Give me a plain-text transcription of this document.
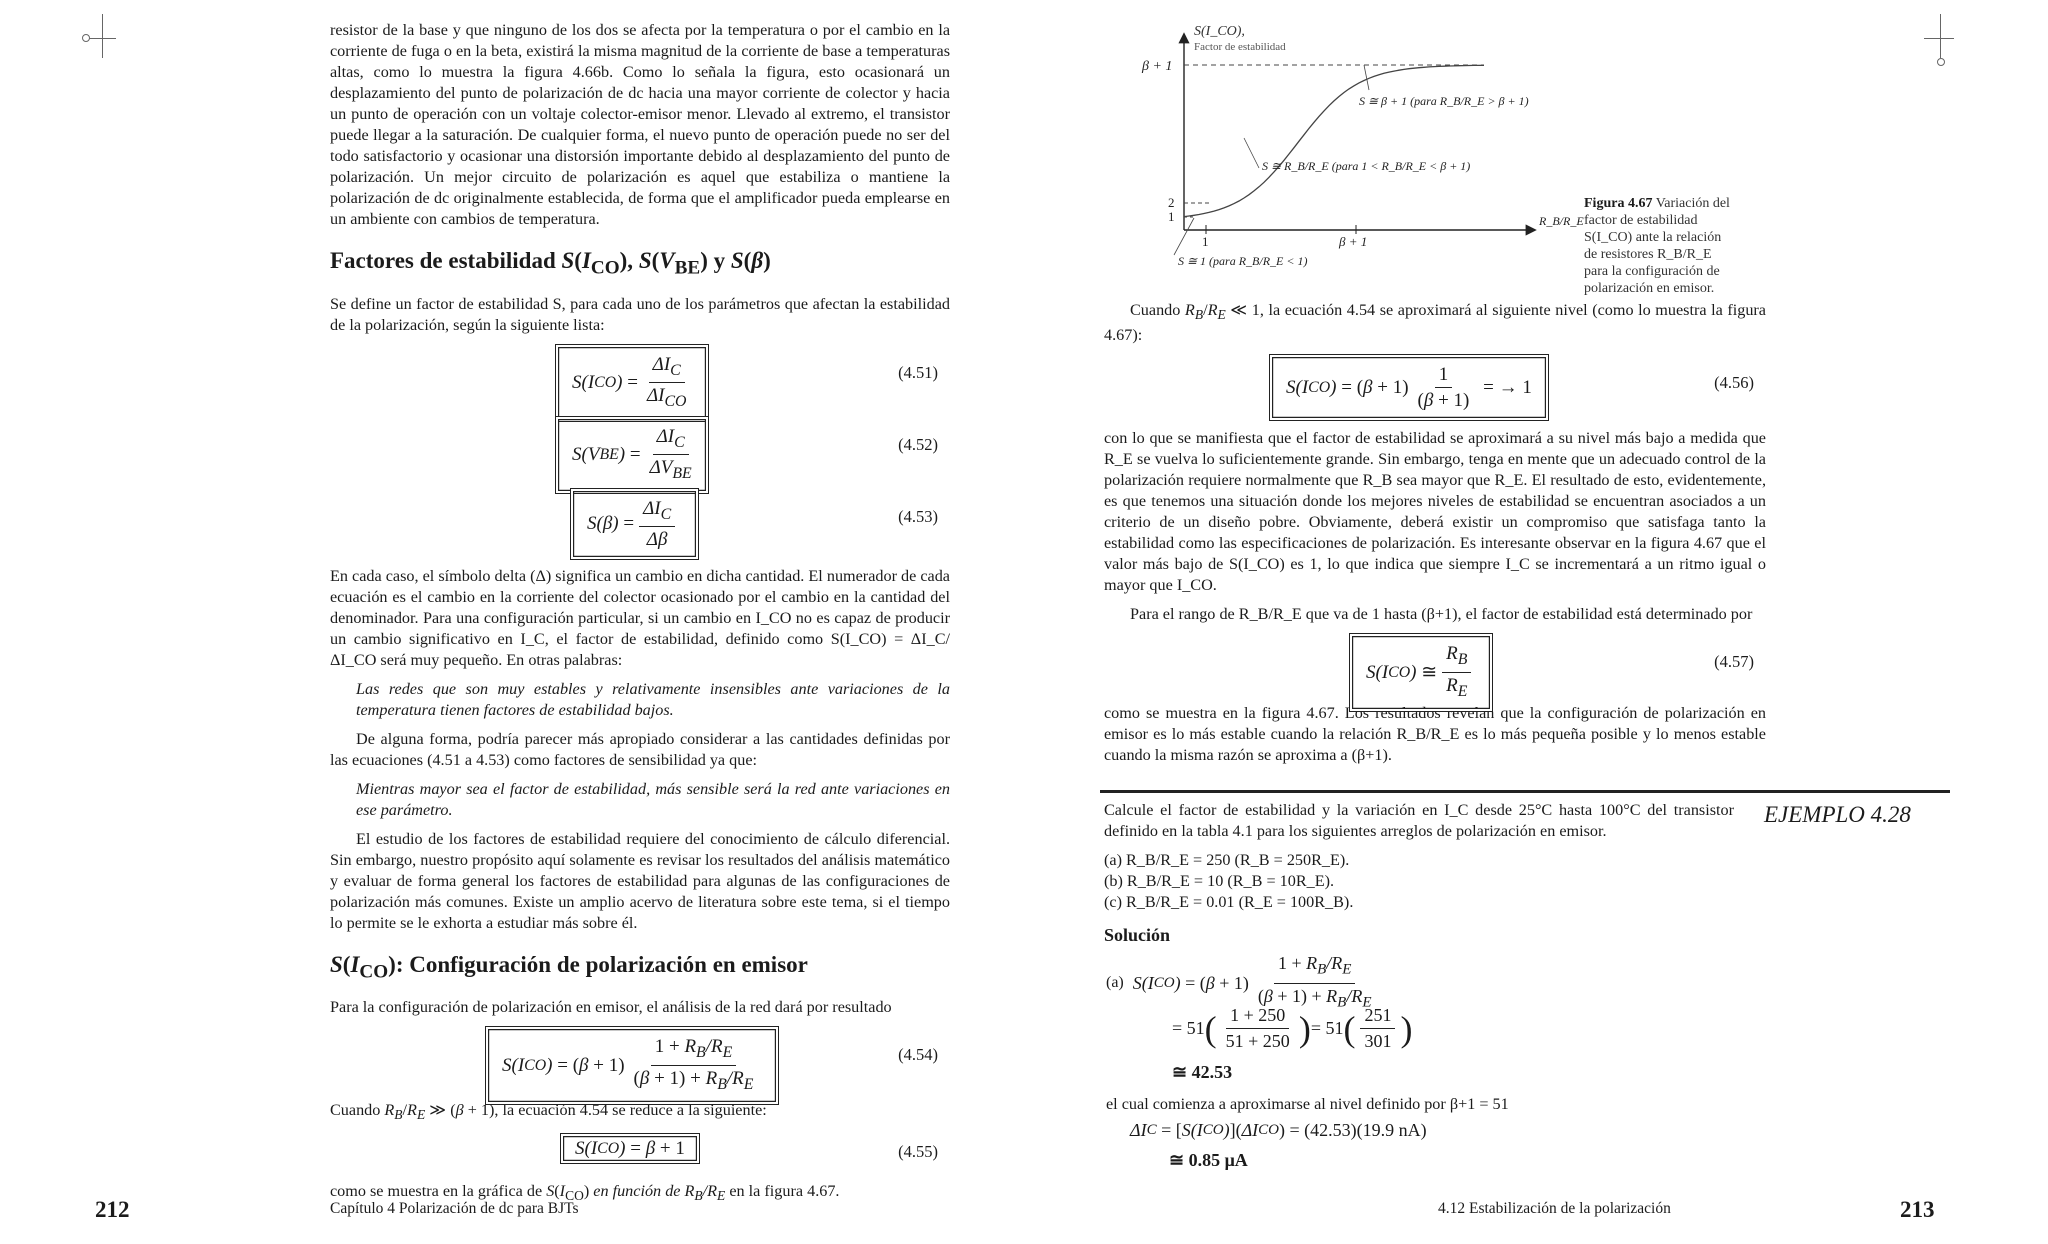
resistor de la base y que ninguno de los dos se afecta por la temperatura o por el cambio en la corriente de fuga o en la beta, existirá la misma magnitud de la corriente de base a temperaturas altas, como lo muestra la figura 4.66b. Como lo señala la figura, esto ocasionará un desplazamiento del punto de polarización de dc hacia una mayor corriente de colector y hacia un punto de operación con un voltaje colector-emisor menor. Llevado al extremo, el transistor puede llegar a la saturación. De cualquier forma, el nuevo punto de operación puede no ser del todo satisfactorio y ocasionar una distorsión importante debido al desplazamiento del punto de polarización. Un mejor circuito de polarización es aquel que estabiliza o mantiene la polarización de dc originalmente establecida, de forma que el amplificador pueda emplearse en un ambiente con cambios de temperatura.

Factores de estabilidad $S(I_{CO})$, $S(V_{BE})$ y S(β)

Se define un factor de estabilidad S, para cada uno de los parámetros que afectan la estabilidad de la polarización, según la siguiente lista:

S(I CO ) = $\frac{\Delta I_C}{\Delta I_{CO}}$	(4.51)
S(V BE ) = $\frac{\Delta I_C}{\Delta V_{BE}}$	(4.52)
$S(\beta) = \frac{\Delta I_C}{\Delta\beta}$	(4.53)

En cada caso, el símbolo delta (Δ) significa un cambio en dicha cantidad. El numerador de cada ecuación es el cambio en la corriente del colector ocasionado por el cambio en la cantidad del denominador. Para una configuración particular, si un cambio en I_CO no es capaz de producir un cambio significativo en I_C, el factor de estabilidad, definido como S(I_CO) = ΔI_C/ΔI_CO será muy pequeño. En otras palabras:

Las redes que son muy estables y relativamente insensibles ante variaciones de la temperatura tienen factores de estabilidad bajos.

De alguna forma, podría parecer más apropiado considerar a las cantidades definidas por las ecuaciones (4.51 a 4.53) como factores de sensibilidad ya que:

Mientras mayor sea el factor de estabilidad, más sensible será la red ante variaciones en ese parámetro.

El estudio de los factores de estabilidad requiere del conocimiento de cálculo diferencial. Sin embargo, nuestro propósito aquí solamente es revisar los resultados del análisis matemático y evaluar de forma general los factores de estabilidad para algunas de las configuraciones de polarización más comunes. Existe un amplio acervo de literatura sobre este tema, si el tiempo lo permite se le exhorta a estudiar más sobre él.

$S(I_{CO})$: Configuración de polarización en emisor

Para la configuración de polarización en emisor, el análisis de la red dará por resultado

S(I CO ) = ( $\beta + 1) \frac{1 + R_B/R_E}{(\beta + 1) + R_B/R_E}$	(4.54)

Cuando $R_B/R_E$ ≫ (β + 1), la ecuación 4.54 se reduce a la siguiente:

S(I CO ) = β + 1	(4.55)

como se muestra en la gráfica de $S(I_{CO})$ en función de $R_B/R_E$ en la figura 4.67.

212	Capítulo 4 Polarización de dc para BJTs
S(I_CO),
Factor de estabilidad
β + 1
2
1
1	β + 1
R_B/R_E
S ≅ β + 1 (para R_B/R_E > β + 1)
S ≅ R_B/R_E (para 1 < R_B/R_E < β + 1)
S ≅ 1 (para R_B/R_E < 1)
Figura 4.67 Variación del factor de estabilidad S(I_CO) ante la relación de resistores R_B/R_E para la configuración de polarización en emisor.

Cuando $R_B/R_E$ ≪ 1, la ecuación 4.54 se aproximará al siguiente nivel (como lo muestra la figura 4.67):

S(I CO ) = ( $\beta + 1) \frac{1}{(\beta + 1)}$ = → 1	(4.56)

con lo que se manifiesta que el factor de estabilidad se aproximará a su nivel más bajo a medida que R_E se vuelva lo suficientemente grande. Sin embargo, tenga en mente que un adecuado control de la polarización requiere normalmente que R_B sea mayor que R_E. El resultado de esto, evidentemente, es que tenemos una situación donde los mejores niveles de estabilidad se encuentran asociados a un criterio de un diseño pobre. Obviamente, deberá existir un compromiso que satisfaga tanto la estabilidad como las especificaciones de polarización. Es interesante observar en la figura 4.67 que el valor más bajo de S(I_CO) es 1, lo que indica que siempre I_C se incrementará a un ritmo igual o mayor que I_CO.

Para el rango de R_B/R_E que va de 1 hasta (β+1), el factor de estabilidad está determinado por

S(I CO ) ≅ $\frac{R_B}{R_E}$	(4.57)

como se muestra en la figura 4.67. Los resultados revelan que la configuración de polarización en emisor es lo más estable cuando la relación R_B/R_E es lo más pequeña posible y lo menos estable cuando la misma razón se aproxima a (β+1).

Calcule el factor de estabilidad y la variación en I_C desde 25°C hasta 100°C del transistor definido en la tabla 4.1 para los siguientes arreglos de polarización en emisor.

(a) R_B/R_E = 250 (R_B = 250R_E).
(b) R_B/R_E = 10 (R_B = 10R_E).
(c) R_B/R_E = 0.01 (R_E = 100R_B).
Solución
EJEMPLO 4.28
(a) S(I CO ) = ( $\beta + 1) \frac{1 + R_B/R_E}{(\beta + 1) + R_B/R_E}$
= 51 ( $\frac{1 + 250}{51 + 250}$ ) = 51 ( $\frac{251}{301}$ )
≅ 42.53
el cual comienza a aproximarse al nivel definido por β+1 = 51
ΔI C = [ S(I CO ) ]( ΔI CO ) = (42.53)(19.9 nA)
≅ 0.85 μA
4.12 Estabilización de la polarización	213
